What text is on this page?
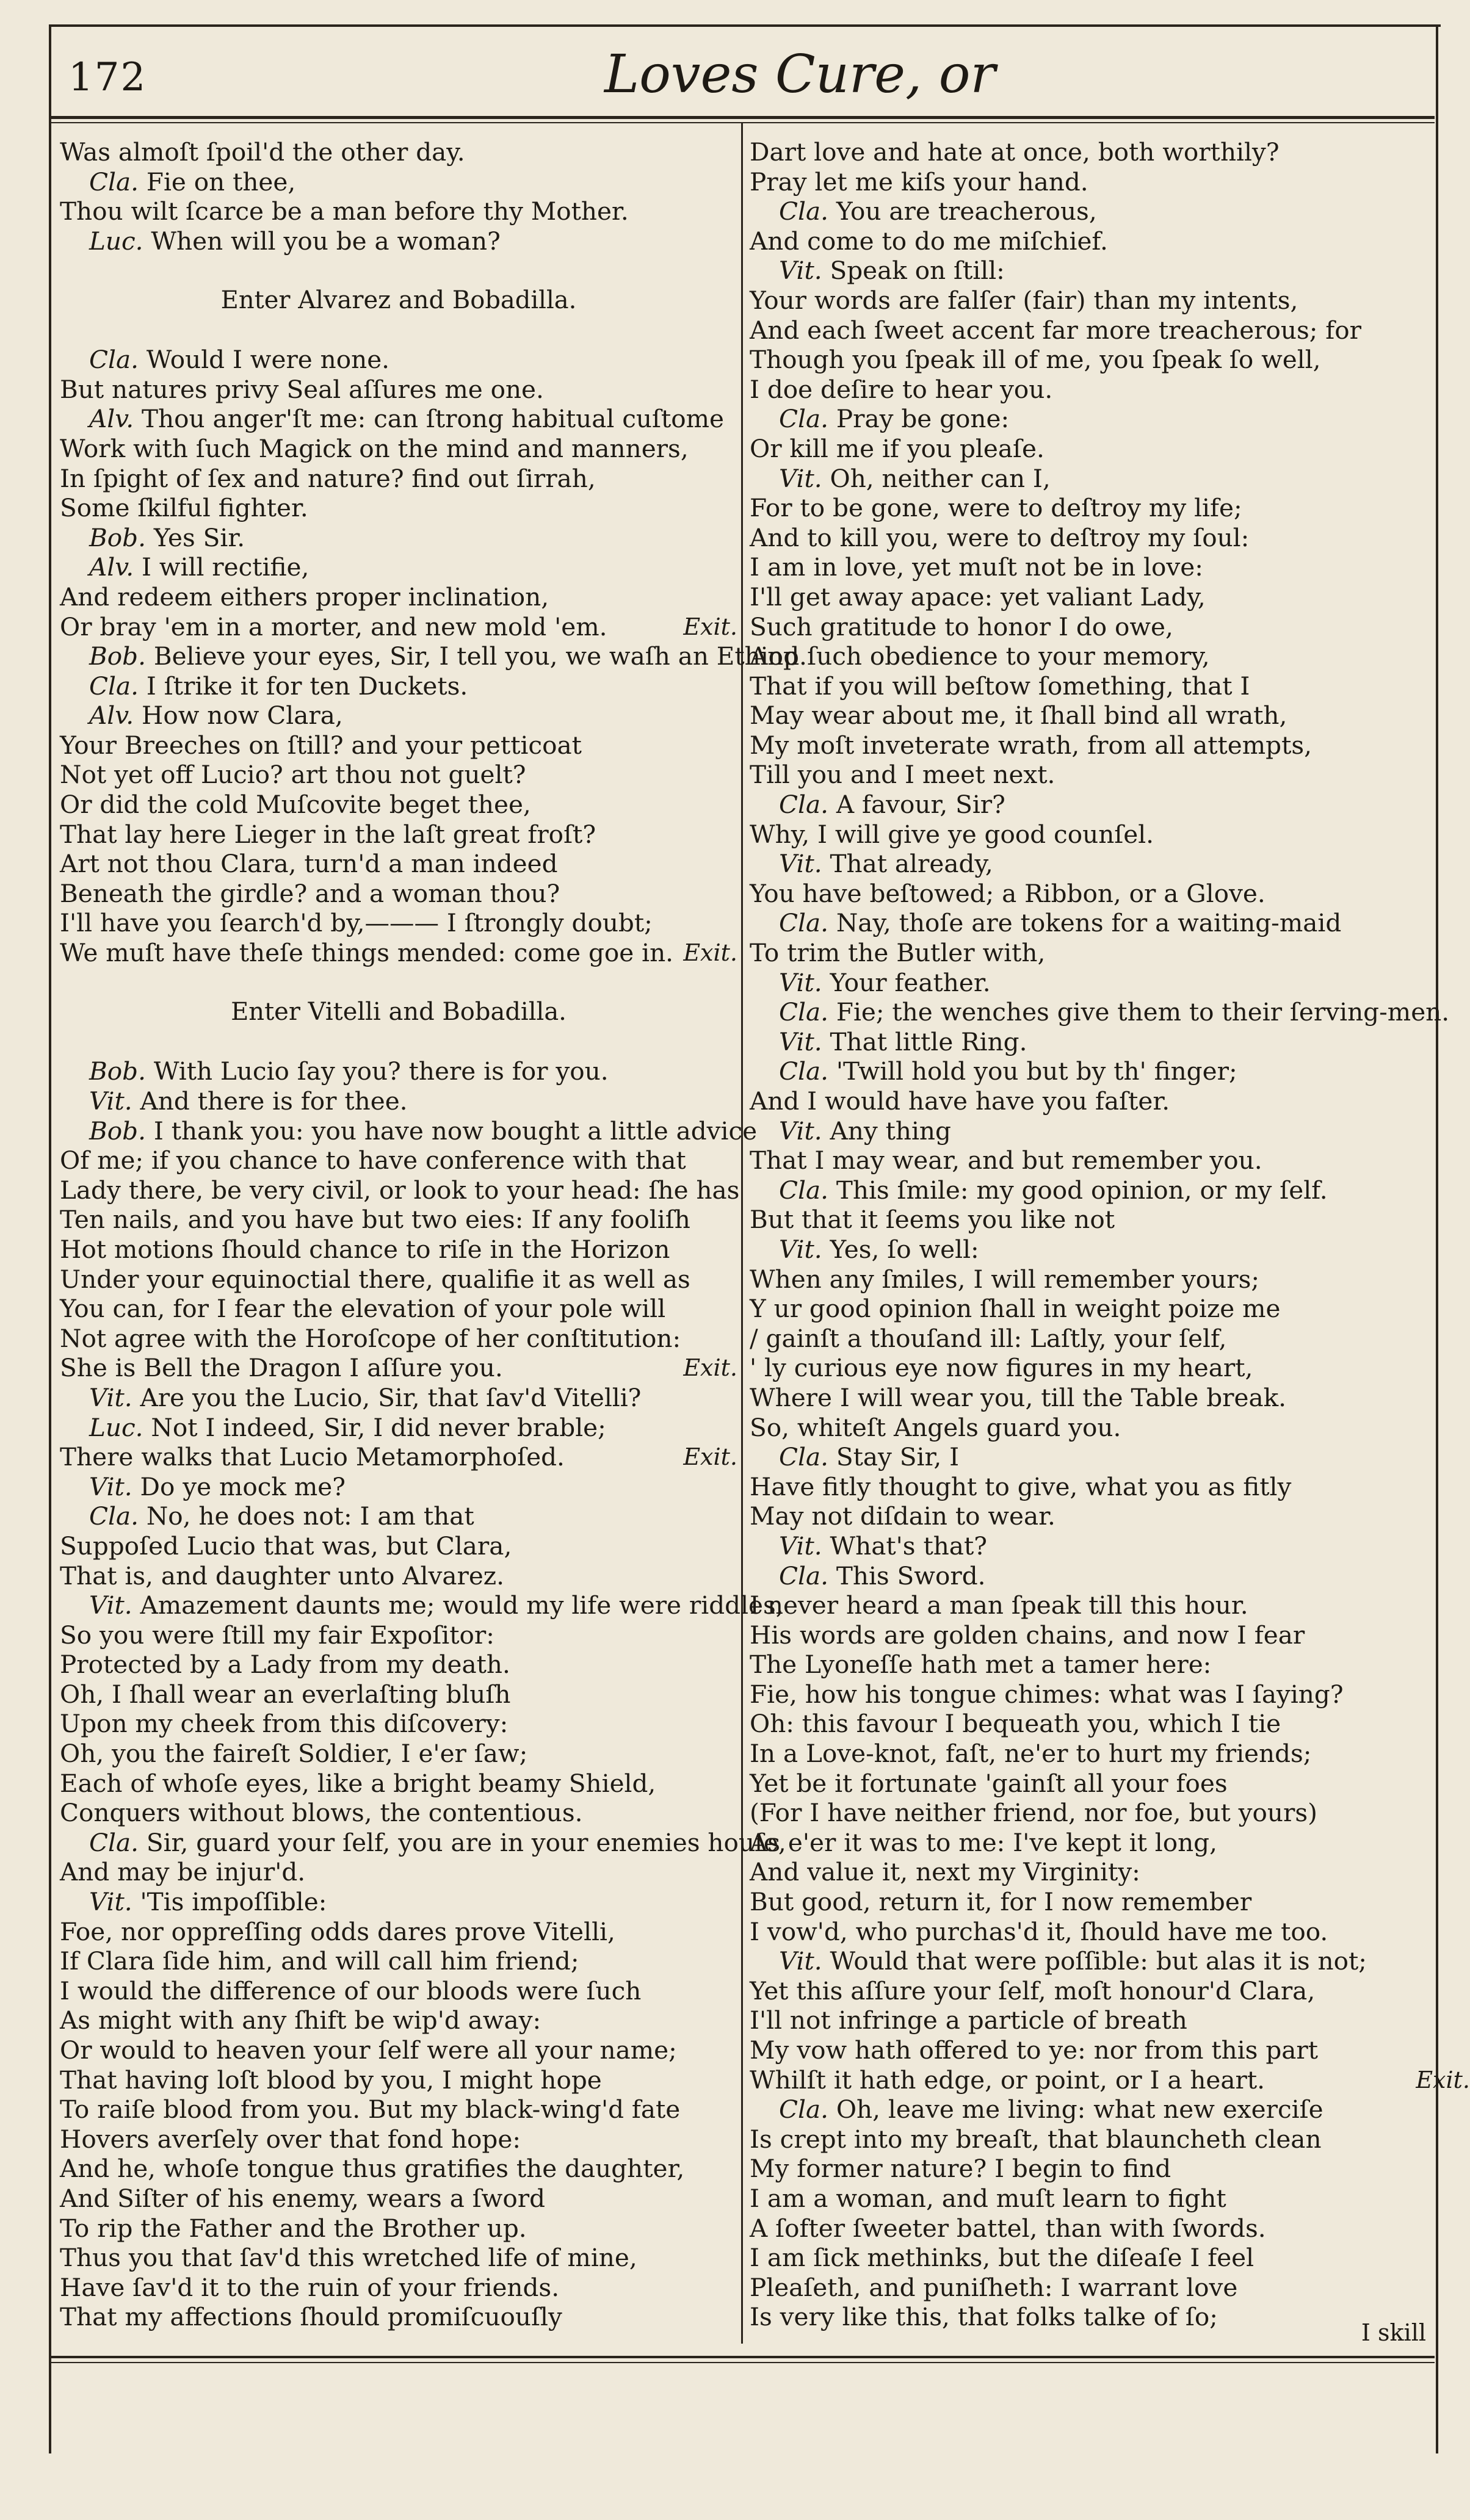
172	Loves Cure, or
Was almoſt ſpoil'd the other day.
Cla. Fie on thee,
Thou wilt ſcarce be a man before thy Mother.
Luc. When will you be a woman?
Enter Alvarez and Bobadilla.
Cla. Would I were none.
But natures privy Seal aſſures me one.
Alv. Thou anger'ſt me: can ſtrong habitual cuſtome
Work with ſuch Magick on the mind and manners,
In ſpight of ſex and nature? find out ſirrah,
Some ſkilful fighter.
Bob. Yes Sir.
Alv. I will rectifie,
And redeem eithers proper inclination,
Or bray 'em in a morter, and new mold 'em.	Exit.
Bob. Believe your eyes, Sir, I tell you, we waſh an Ethiop.
Cla. I ſtrike it for ten Duckets.
Alv. How now Clara,
Your Breeches on ſtill? and your petticoat
Not yet off Lucio? art thou not guelt?
Or did the cold Muſcovite beget thee,
That lay here Lieger in the laſt great froſt?
Art not thou Clara, turn'd a man indeed
Beneath the girdle? and a woman thou?
I'll have you ſearch'd by,——— I ſtrongly doubt;
We muſt have theſe things mended: come goe in. Exit.
Enter Vitelli and Bobadilla.
Bob. With Lucio ſay you? there is for you.
Vit. And there is for thee.
Bob. I thank you: you have now bought a little advice
Of me; if you chance to have conference with that
Lady there, be very civil, or look to your head: ſhe has
Ten nails, and you have but two eies: If any fooliſh
Hot motions ſhould chance to riſe in the Horizon
Under your equinoctial there, qualifie it as well as
You can, for I fear the elevation of your pole will
Not agree with the Horoſcope of her conſtitution:
She is Bell the Dragon I aſſure you.	Exit.
Vit. Are you the Lucio, Sir, that ſav'd Vitelli?
Luc. Not I indeed, Sir, I did never brable;
There walks that Lucio Metamorphoſed.	Exit.
Vit. Do ye mock me?
Cla. No, he does not: I am that
Suppoſed Lucio that was, but Clara,
That is, and daughter unto Alvarez.
Vit. Amazement daunts me; would my life were riddles,
So you were ſtill my fair Expoſitor:
Protected by a Lady from my death.
Oh, I ſhall wear an everlaſting bluſh
Upon my cheek from this diſcovery:
Oh, you the faireſt Soldier, I e'er ſaw;
Each of whoſe eyes, like a bright beamy Shield,
Conquers without blows, the contentious.
Cla. Sir, guard your ſelf, you are in your enemies houſe,
And may be injur'd.
Vit. 'Tis impoſſible:
Foe, nor oppreſſing odds dares prove Vitelli,
If Clara ſide him, and will call him friend;
I would the difference of our bloods were ſuch
As might with any ſhift be wip'd away:
Or would to heaven your ſelf were all your name;
That having loſt blood by you, I might hope
To raiſe blood from you. But my black-wing'd fate
Hovers averſely over that fond hope:
And he, whoſe tongue thus gratifies the daughter,
And Siſter of his enemy, wears a ſword
To rip the Father and the Brother up.
Thus you that ſav'd this wretched life of mine,
Have ſav'd it to the ruin of your friends.
That my affections ſhould promiſcuouſly
Dart love and hate at once, both worthily?
Pray let me kiſs your hand.
Cla. You are treacherous,
And come to do me miſchief.
Vit. Speak on ſtill:
Your words are falſer (fair) than my intents,
And each ſweet accent far more treacherous; for
Though you ſpeak ill of me, you ſpeak ſo well,
I doe deſire to hear you.
Cla. Pray be gone:
Or kill me if you pleaſe.
Vit. Oh, neither can I,
For to be gone, were to deſtroy my life;
And to kill you, were to deſtroy my ſoul:
I am in love, yet muſt not be in love:
I'll get away apace: yet valiant Lady,
Such gratitude to honor I do owe,
And ſuch obedience to your memory,
That if you will beſtow ſomething, that I
May wear about me, it ſhall bind all wrath,
My moſt inveterate wrath, from all attempts,
Till you and I meet next.
Cla. A favour, Sir?
Why, I will give ye good counſel.
Vit. That already,
You have beſtowed; a Ribbon, or a Glove.
Cla. Nay, thoſe are tokens for a waiting-maid
To trim the Butler with,
Vit. Your feather.
Cla. Fie; the wenches give them to their ſerving-men.
Vit. That little Ring.
Cla. 'Twill hold you but by th' finger;
And I would have have you faſter.
Vit. Any thing
That I may wear, and but remember you.
Cla. This ſmile: my good opinion, or my ſelf.
But that it ſeems you like not
Vit. Yes, ſo well:
When any ſmiles, I will remember yours;
Y ur good opinion ſhall in weight poize me
/ gainſt a thouſand ill: Laſtly, your ſelf,
' ly curious eye now figures in my heart,
Where I will wear you, till the Table break.
So, whiteſt Angels guard you.
Cla. Stay Sir, I
Have fitly thought to give, what you as fitly
May not diſdain to wear.
Vit. What's that?
Cla. This Sword.
I never heard a man ſpeak till this hour.
His words are golden chains, and now I fear
The Lyoneſſe hath met a tamer here:
Fie, how his tongue chimes: what was I ſaying?
Oh: this favour I bequeath you, which I tie
In a Love-knot, faſt, ne'er to hurt my friends;
Yet be it fortunate 'gainſt all your foes
(For I have neither friend, nor foe, but yours)
As e'er it was to me: I've kept it long,
And value it, next my Virginity:
But good, return it, for I now remember
I vow'd, who purchas'd it, ſhould have me too.
Vit. Would that were poſſible: but alas it is not;
Yet this aſſure your ſelf, moſt honour'd Clara,
I'll not infringe a particle of breath
My vow hath offered to ye: nor from this part
Whilſt it hath edge, or point, or I a heart.	Exit.
Cla. Oh, leave me living: what new exerciſe
Is crept into my breaſt, that blauncheth clean
My former nature? I begin to find
I am a woman, and muſt learn to fight
A ſofter ſweeter battel, than with ſwords.
I am ſick methinks, but the diſeaſe I feel
Pleaſeth, and puniſheth: I warrant love
Is very like this, that folks talke of ſo;
I skill
